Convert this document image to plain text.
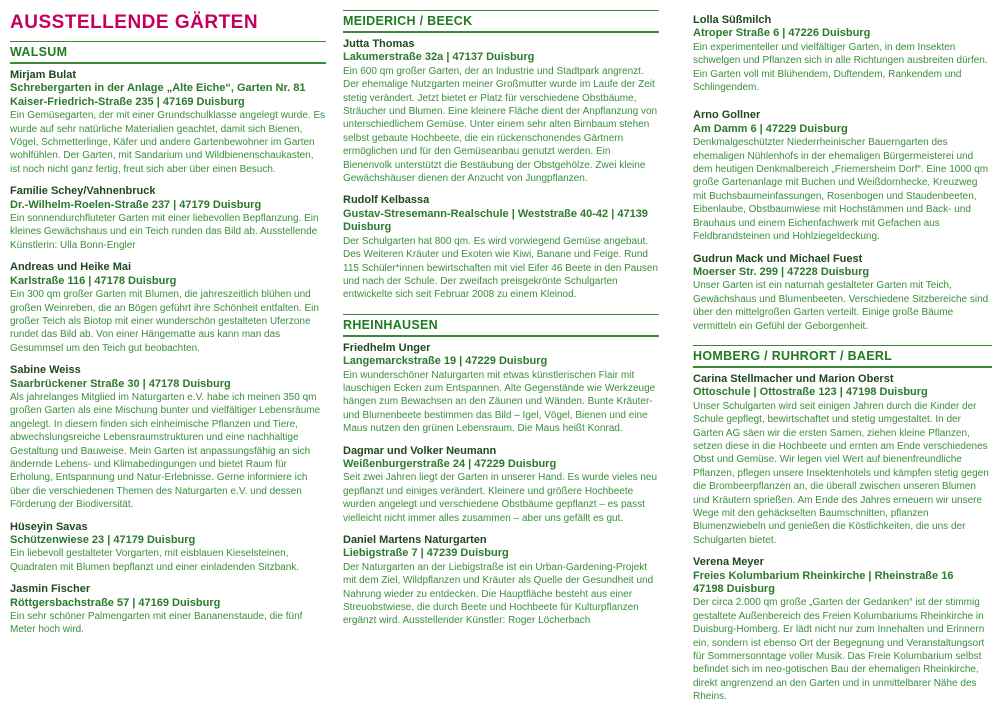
AUSSTELLENDE GÄRTEN
WALSUM
Mirjam Bulat
Schrebergarten in der Anlage „Alte Eiche“, Garten Nr. 81
Kaiser-Friedrich-Straße 235 | 47169 Duisburg
Ein Gemüsegarten, der mit einer Grundschulklasse angelegt wurde. Es wurde auf sehr natürliche Materialien geachtet, damit sich Bienen, Vögel, Schmetterlinge, Käfer und andere Gartenbewohner im Garten wohlfühlen. Der Garten, mit Sandarium und Wildbienenschaukasten, ist noch nicht ganz fertig, freut sich aber über einen Besuch.
Familie Schey/Vahnenbruck
Dr.-Wilhelm-Roelen-Straße 237 | 47179 Duisburg
Ein sonnendurchfluteter Garten mit einer liebevollen Bepflanzung. Ein kleines Gewächshaus und ein Teich runden das Bild ab. Ausstellende Künstlerin: Ulla Bonn-Engler
Andreas und Heike Mai
Karlstraße 116 | 47178 Duisburg
Ein 300 qm großer Garten mit Blumen, die jahreszeitlich blühen und großen Weinreben, die an Bögen geführt ihre Schönheit entfalten. Ein großer Teich als Biotop mit einer wunderschön gestalteten Uferzone rundet das Bild ab. Von einer Hängematte aus kann man das Gesummsel um den Teich gut beobachten.
Sabine Weiss
Saarbrückener Straße 30 | 47178 Duisburg
Als jahrelanges Mitglied im Naturgarten e.V. habe ich meinen 350 qm großen Garten als eine Mischung bunter und vielfältiger Lebensräume angelegt. In diesem finden sich einheimische Pflanzen und Tiere, abwechslungsreiche Lebensraumstrukturen und eine nachhaltige Gestaltung und Bauweise. Mein Garten ist anpassungsfähig an sich ändernde Lebens- und Klimabedingungen und bietet Raum für Erholung, Entspannung und Natur-Erlebnisse. Gerne informiere ich über die verschiedenen Themen des Naturgarten e.V. und dessen Förderung der Biodiversität.
Hüseyin Savas
Schützenwiese 23 | 47179 Duisburg
Ein liebevoll gestalteter Vorgarten, mit eisblauen Kieselsteinen, Quadraten mit Blumen bepflanzt und einer einladenden Sitzbank.
Jasmin Fischer
Röttgersbachstraße 57 | 47169 Duisburg
Ein sehr schöner Palmengarten mit einer Bananenstaude, die fünf Meter hoch wird.
MEIDERICH / BEECK
Jutta Thomas
Lakumerstraße 32a | 47137 Duisburg
Ein 600 qm großer Garten, der an Industrie und Stadtpark angrenzt. Der ehemalige Nutzgarten meiner Großmutter wurde im Laufe der Zeit stetig verändert. Jetzt bietet er Platz für verschiedene Obstbäume, Sträucher und Blumen. Eine kleinere Fläche dient der Anpflanzung von unterschiedlichem Gemüse. Unter einem sehr alten Birnbaum stehen selbst gebaute Hochbeete, die ein rückenschonendes Gärtnern ermöglichen und für den Gemüseanbau genutzt werden. Ein Bienenvolk unterstützt die Bestäubung der Obstgehölze. Zwei kleine Gewächshäuser dienen der Anzucht von Jungpflanzen.
Rudolf Kelbassa
Gustav-Stresemann-Realschule | Weststraße 40-42 | 47139 Duisburg
Der Schulgarten hat 800 qm. Es wird vorwiegend Gemüse angebaut. Des Weiteren Kräuter und Exoten wie Kiwi, Banane und Feige. Rund 115 Schüler*innen bewirtschaften mit viel Eifer 46 Beete in den Pausen und nach der Schule. Der zweifach preisgekrönte Schulgarten entwickelte sich seit Februar 2008 zu einem Kleinod.
RHEINHAUSEN
Friedhelm Unger
Langemarckstraße 19 | 47229 Duisburg
Ein wunderschöner Naturgarten mit etwas künstlerischen Flair mit lauschigen Ecken zum Entspannen. Alte Gegenstände wie Werkzeuge hängen zum Bewachsen an den Zäunen und Wänden. Bunte Kräuter- und Blumenbeete bestimmen das Bild – Igel, Vögel, Bienen und eine Maus nutzen den grünen Lebensraum. Die Maus heißt Konrad.
Dagmar und Volker Neumann
Weißenburgerstraße 24 | 47229 Duisburg
Seit zwei Jahren liegt der Garten in unserer Hand. Es wurde vieles neu gepflanzt und einiges verändert. Kleinere und größere Hochbeete wurden angelegt und verschiedene Obstbäume gepflanzt – es passt vielleicht nicht immer alles zusammen – aber uns gefällt es gut.
Daniel Martens Naturgarten
Liebigstraße 7 | 47239 Duisburg
Der Naturgarten an der Liebigstraße ist ein Urban-Gardening-Projekt mit dem Ziel, Wildpflanzen und Kräuter als Quelle der Gesundheit und Nahrung wieder zu entdecken. Die Hauptfläche besteht aus einer Streuobstwiese, die durch Beete und Hochbeete für Kulturpflanzen ergänzt wird. Ausstellender Künstler: Roger Löcherbach
Lolla Süßmilch
Atroper Straße 6 | 47226 Duisburg
Ein experimenteller und vielfältiger Garten, in dem Insekten schwelgen und Pflanzen sich in alle Richtungen ausbreiten dürfen. Ein Garten voll mit Blühendem, Duftendem, Rankendem und Schlingendem.
Arno Gollner
Am Damm 6 | 47229 Duisburg
Denkmalgeschützter Niederrheinischer Bauerngarten des ehemaligen Nühlenhofs in der ehemaligen Bürgermeisterei und dem heutigen Denkmalbereich „Friemersheim Dorf“. Eine 1000 qm große Gartenanlage mit Buchen und Weißdornhecke, Kreuzweg mit Buchsbaumeinfassungen, Rosenbogen und Staudenbeeten, Eibenlaube, Obstbaumwiese mit Hochstämmen und Back- und Brauhaus und einem Eichenfachwerk mit Gefachen aus Feldbrandsteinen und Hohlziegeldeckung.
Gudrun Mack und Michael Fuest
Moerser Str. 299 | 47228 Duisburg
Unser Garten ist ein naturnah gestalteter Garten mit Teich, Gewächshaus und Blumenbeeten. Verschiedene Sitzbereiche sind über den mittelgroßen Garten verteilt. Einige große Bäume vermitteln ein Gefühl der Geborgenheit.
HOMBERG / RUHRORT / BAERL
Carina Stellmacher und Marion Oberst
Ottoschule | Ottostraße 123 | 47198 Duisburg
Unser Schulgarten wird seit einigen Jahren durch die Kinder der Schule gepflegt, bewirtschaftet und stetig umgestaltet. In der Garten AG säen wir die ersten Samen, ziehen kleine Pflanzen, setzen diese in die Hochbeete und ernten am Ende verschiedenes Obst und Gemüse. Wir legen viel Wert auf bienenfreundliche Pflanzen, pflegen unsere Insektenhotels und kämpfen stetig gegen die Brombeerpflanzen an, die überall zwischen unseren Blumen und Kräutern sprießen. Am Ende des Jahres erneuern wir unsere Wege mit den gehäckselten Baumschnitten, pflanzen Blumenzwiebeln und genießen die Köstlichkeiten, die uns der Schulgarten bietet.
Verena Meyer
Freies Kolumbarium Rheinkirche | Rheinstraße 16
47198 Duisburg
Der circa 2.000 qm große „Garten der Gedanken“ ist der stimmig gestaltete Außenbereich des Freien Kolumbariums Rheinkirche in Duisburg-Homberg. Er lädt nicht nur zum Innehalten und Erinnern ein, sondern ist ebenso Ort der Begegnung und Veranstaltungsort für Sommersonntage voller Musik. Das Freie Kolumbarium selbst befindet sich im neo-gotischen Bau der ehemaligen Rheinkirche, direkt angrenzend an den Garten und in unmittelbarer Nähe des Rheins.
